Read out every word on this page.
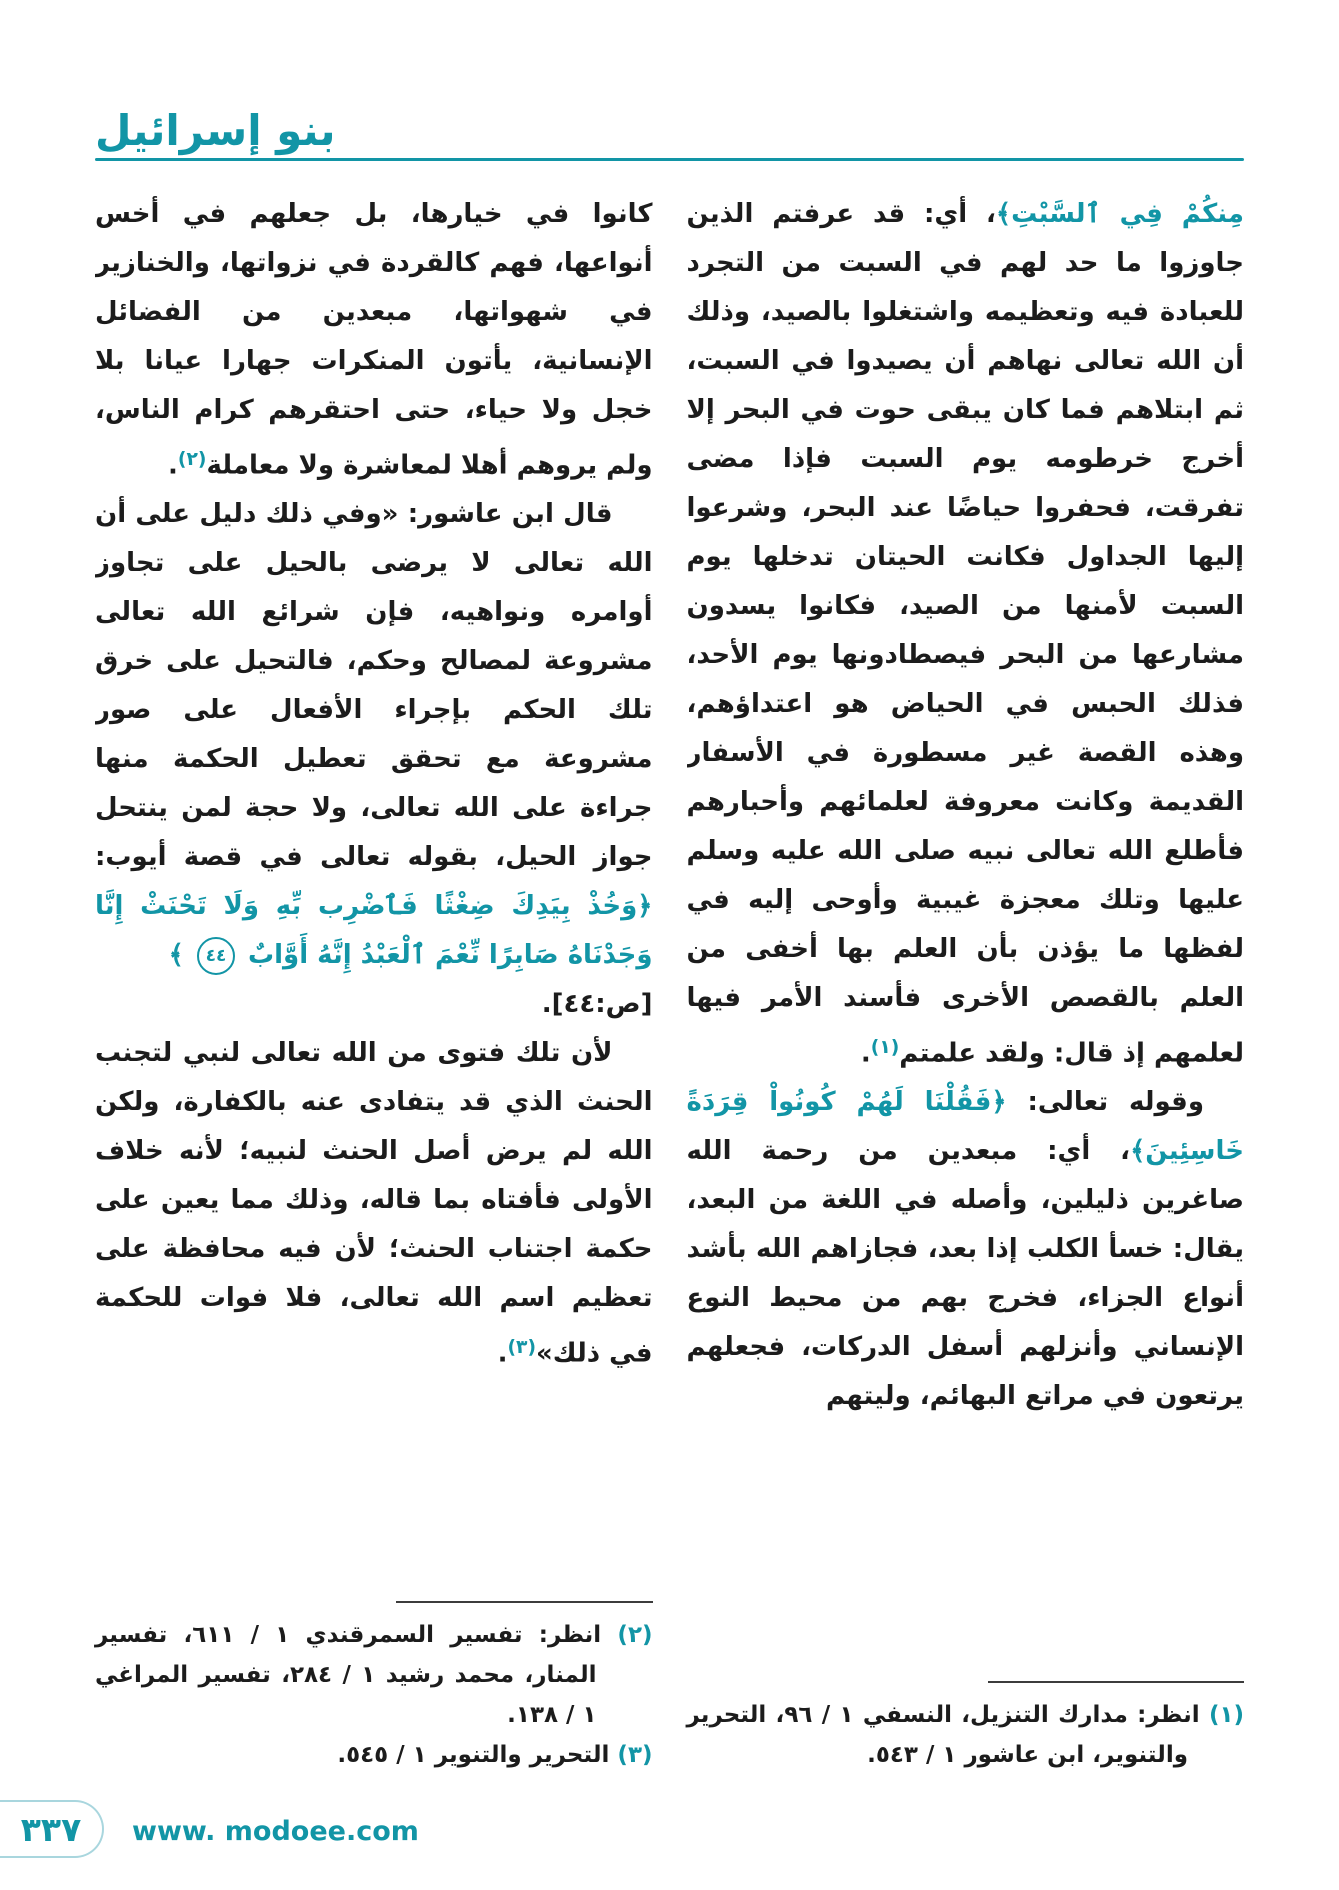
بنو إسرائيل

مِنكُمْ فِي ٱلسَّبْتِ﴾، أي: قد عرفتم الذين جاوزوا ما حد لهم في السبت من التجرد للعبادة فيه وتعظيمه واشتغلوا بالصيد، وذلك أن الله تعالى نهاهم أن يصيدوا في السبت، ثم ابتلاهم فما كان يبقى حوت في البحر إلا أخرج خرطومه يوم السبت فإذا مضى تفرقت، فحفروا حياضًا عند البحر، وشرعوا إليها الجداول فكانت الحيتان تدخلها يوم السبت لأمنها من الصيد، فكانوا يسدون مشارعها من البحر فيصطادونها يوم الأحد، فذلك الحبس في الحياض هو اعتداؤهم، وهذه القصة غير مسطورة في الأسفار القديمة وكانت معروفة لعلمائهم وأحبارهم فأطلع الله تعالى نبيه صلى الله عليه وسلم عليها وتلك معجزة غيبية وأوحى إليه في لفظها ما يؤذن بأن العلم بها أخفى من العلم بالقصص الأخرى فأسند الأمر فيها لعلمهم إذ قال: ولقد علمتم$^{(١)}$.

وقوله تعالى: ﴿فَقُلْنَا لَهُمْ كُونُواْ قِرَدَةً خَاسِئِينَ﴾، أي: مبعدين من رحمة الله صاغرين ذليلين، وأصله في اللغة من البعد، يقال: خسأ الكلب إذا بعد، فجازاهم الله بأشد أنواع الجزاء، فخرج بهم من محيط النوع الإنساني وأنزلهم أسفل الدركات، فجعلهم يرتعون في مراتع البهائم، وليتهم

(١) انظر: مدارك التنزيل، النسفي ١ / ٩٦، التحرير والتنوير، ابن عاشور ١ / ٥٤٣.

كانوا في خيارها، بل جعلهم في أخس أنواعها، فهم كالقردة في نزواتها، والخنازير في شهواتها، مبعدين من الفضائل الإنسانية، يأتون المنكرات جهارا عيانا بلا خجل ولا حياء، حتى احتقرهم كرام الناس، ولم يروهم أهلا لمعاشرة ولا معاملة$^{(٢)}$.

قال ابن عاشور: «وفي ذلك دليل على أن الله تعالى لا يرضى بالحيل على تجاوز أوامره ونواهيه، فإن شرائع الله تعالى مشروعة لمصالح وحكم، فالتحيل على خرق تلك الحكم بإجراء الأفعال على صور مشروعة مع تحقق تعطيل الحكمة منها جراءة على الله تعالى، ولا حجة لمن ينتحل جواز الحيل، بقوله تعالى في قصة أيوب: ﴿وَخُذْ بِيَدِكَ ضِغْثًا فَٱضْرِب بِّهِ وَلَا تَحْنَثْ إِنَّا وَجَدْنَاهُ صَابِرًا نِّعْمَ ٱلْعَبْدُ إِنَّهُ أَوَّابٌ ٤٤ ﴾
[ص:٤٤].

لأن تلك فتوى من الله تعالى لنبي لتجنب الحنث الذي قد يتفادى عنه بالكفارة، ولكن الله لم يرض أصل الحنث لنبيه؛ لأنه خلاف الأولى فأفتاه بما قاله، وذلك مما يعين على حكمة اجتناب الحنث؛ لأن فيه محافظة على تعظيم اسم الله تعالى، فلا فوات للحكمة في ذلك»$^{(٣)}$.

(٢) انظر: تفسير السمرقندي ١ / ٦١١، تفسير المنار، محمد رشيد ١ / ٢٨٤، تفسير المراغي ١ / ١٣٨.
(٣) التحرير والتنوير ١ / ٥٤٥.
٣٣٧ www. modoee.com
